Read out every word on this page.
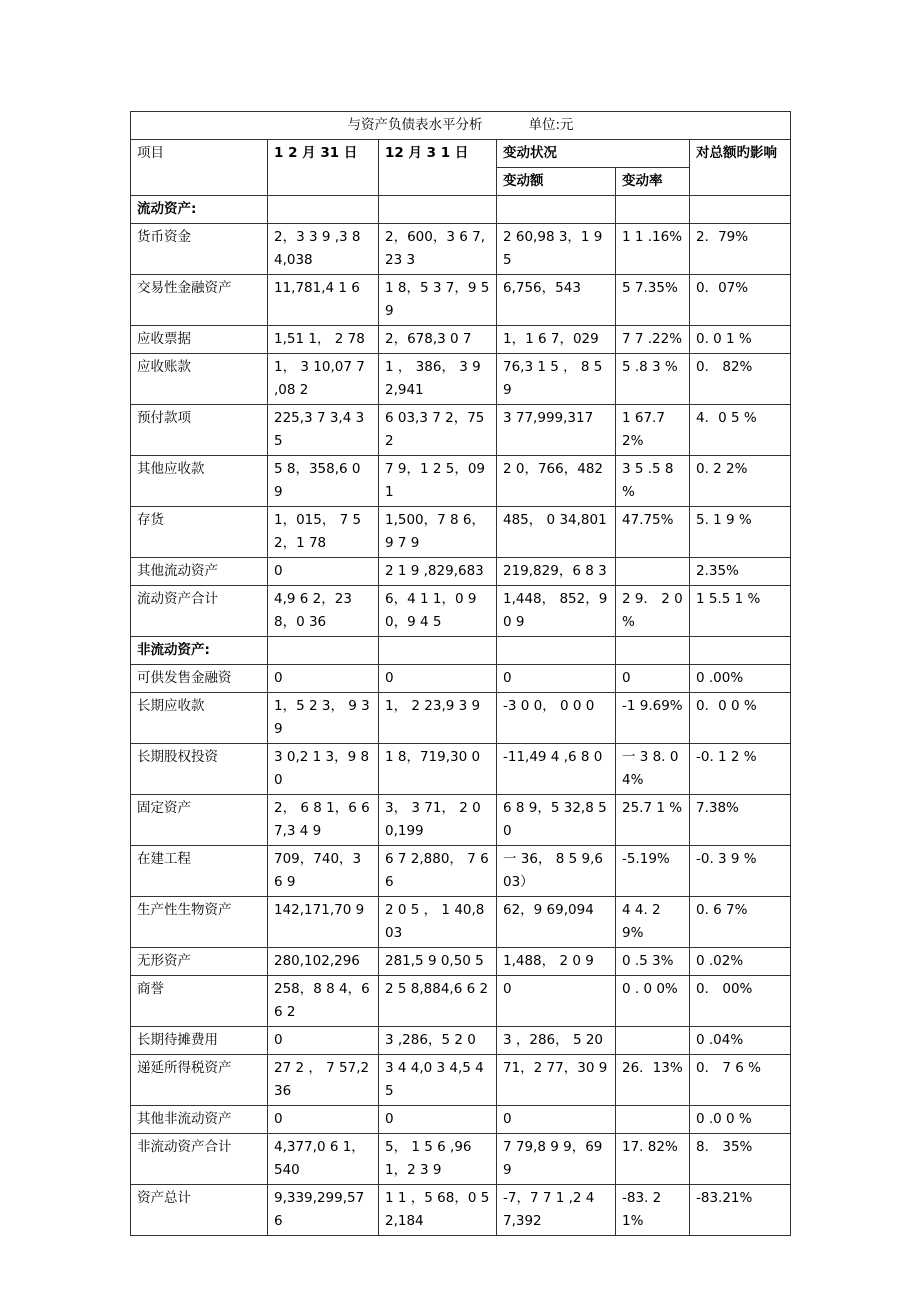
与资产负债表水平分析 单位:元					
项目	1 2 月 31 日	12 月 3 1 日	变动状况		对总额旳影响
			变动额	变动率	
流动资产:					
货币资金	2，3 3 9 ,3 8 4,038	2，600，3 6 7,23 3	2 60,98 3，1 9 5	1 1 .16%	2．79%
交易性金融资产	11,781,4 1 6	1 8，5 3 7，9 59	6,756，543	5 7.35%	0．07%
应收票据	1,51 1， 2 78	2，678,3 0 7	1，1 6 7，029	7 7 .22%	0. 0 1 %
应收账款	1， 3 10,07 7 ,08 2	1 ， 386， 3 92,941	76,3 1 5 ， 8 5 9	5 .8 3 %	0． 82%
预付款项	225,3 7 3,4 3 5	6 03,3 7 2，752	3 77,999,317	1 67.72%	4．0 5 %
其他应收款	5 8，358,6 0 9	7 9，1 2 5，09 1	2 0，766，482	3 5 .5 8 %	0. 2 2%
存货	1，015， 7 5 2，1 78	1,500，7 8 6，9 7 9	485， 0 34,801	47.75%	5. 1 9 %
其他流动资产	0	2 1 9 ,829,683	219,829，6 8 3		2.35%
流动资产合计	4,9 6 2，23 8，0 36	6，4 1 1，0 9 0，9 4 5	1,448， 852，9 0 9	2 9． 2 0 %	1 5.5 1 %
非流动资产:					
可供发售金融资	0	0	0	0	0 .00%
长期应收款	1，5 2 3， 9 39	1， 2 23,9 3 9	-3 0 0， 0 0 0	-1 9.69%	0．0 0 %
长期股权投资	3 0,2 1 3，9 80	1 8，719,30 0	-11,49 4 ,6 8 0	一 3 8. 0 4%	-0. 1 2 %
固定资产	2， 6 8 1，6 67,3 4 9	3， 3 71， 2 00,199	6 8 9，5 32,8 5 0	25.7 1 %	7.38%
在建工程	709，740，3 6 9	6 7 2,880， 7 6 6	一 36， 8 5 9,603）	-5.19%	-0. 3 9 %
生产性生物资产	142,171,70 9	2 0 5 ， 1 40,803	62，9 69,094	4 4. 2 9%	0. 6 7%
无形资产	280,102,296	281,5 9 0,50 5	1,488， 2 0 9	0 .5 3%	0 .02%
商誉	258，8 8 4，6 6 2	2 5 8,884,6 6 2	0	0 . 0 0%	0． 00%
长期待摊费用	0	3 ,286，5 2 0	3 ，286， 5 20		0 .04%
递延所得税资产	27 2 ， 7 57,236	3 4 4,0 3 4,5 4 5	71，2 77，30 9	26．13%	0． 7 6 %
其他非流动资产	0	0	0		0 .0 0 %
非流动资产合计	4,377,0 6 1，540	5， 1 5 6 ,961，2 3 9	7 79,8 9 9，69 9	17. 82%	8． 35%
资产总计	9,339,299,57 6	1 1 ，5 68，0 52,184	-7，7 7 1 ,2 4 7,392	-83. 2 1%	-83.21%
